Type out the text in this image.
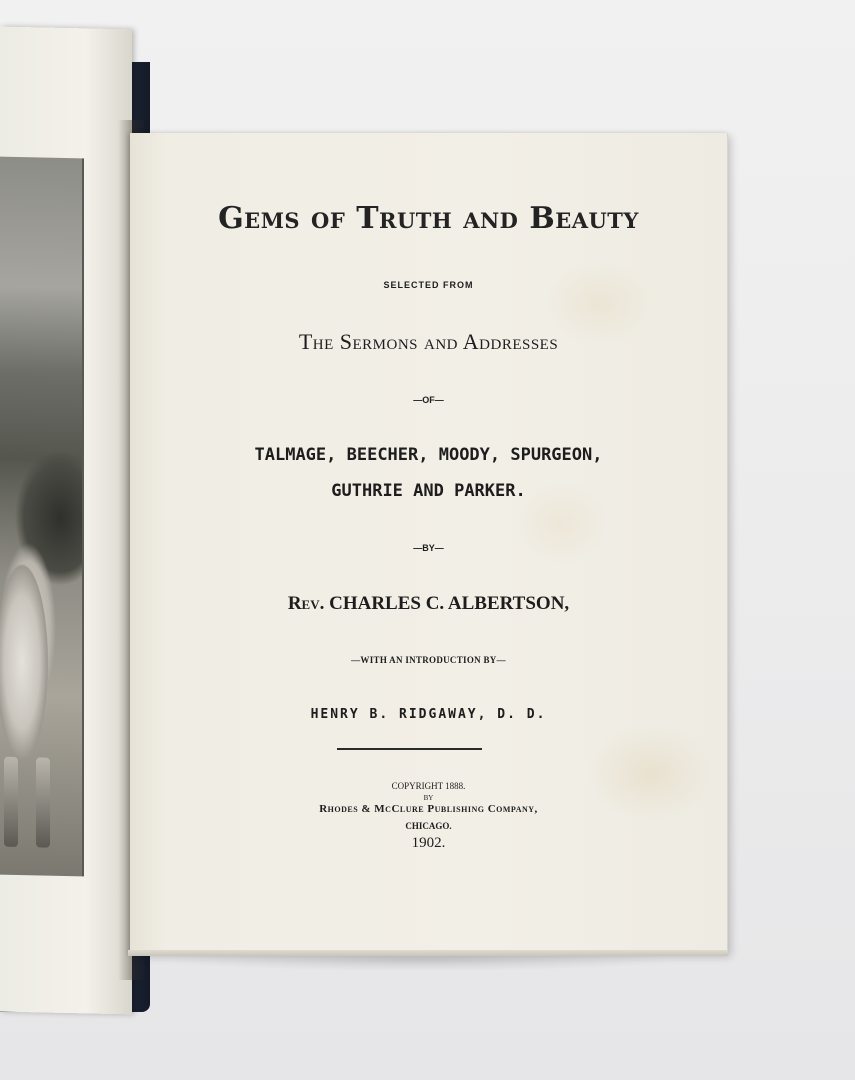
Gems of Truth and Beauty
SELECTED FROM
The Sermons and Addresses
—OF—
TALMAGE, BEECHER, MOODY, SPURGEON,
GUTHRIE AND PARKER.
—BY—
Rev. CHARLES C. ALBERTSON,
—WITH AN INTRODUCTION BY—
HENRY B. RIDGAWAY, D. D.
COPYRIGHT 1888.
BY
Rhodes & McClure Publishing Company,
CHICAGO.
1902.
